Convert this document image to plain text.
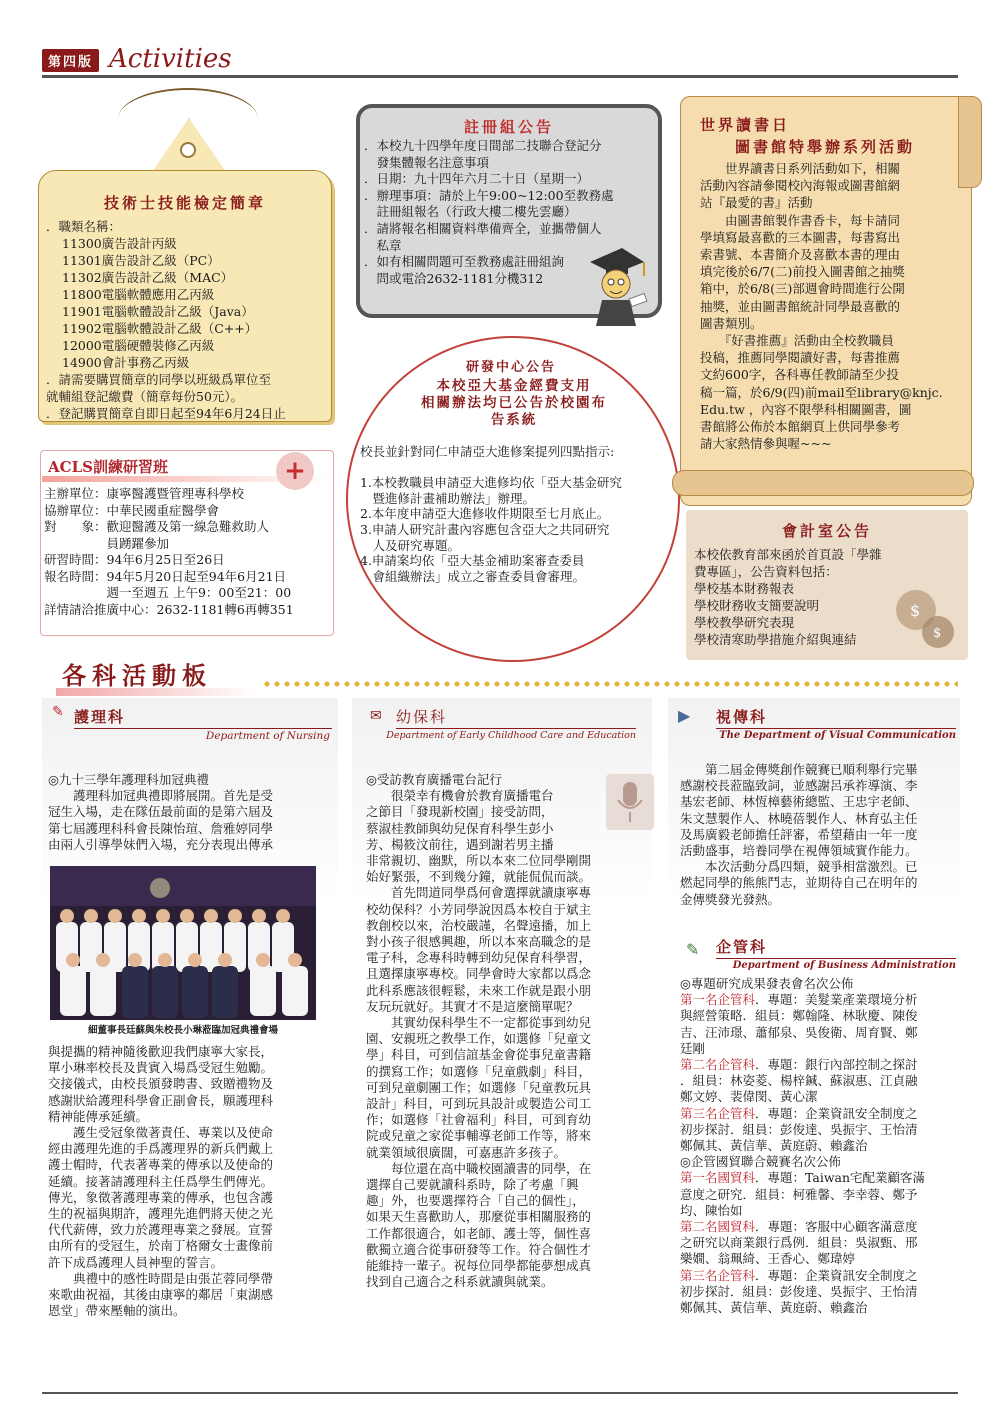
第四版 Activities
技術士技能檢定簡章
．職類名稱：
11300廣告設計丙級
11301廣告設計乙級（PC）
11302廣告設計乙級（MAC）
11800電腦軟體應用乙丙級
11901電腦軟體設計乙級（Java）
11902電腦軟體設計乙級（C++）
12000電腦硬體裝修乙丙級
14900會計事務乙丙級
．請需要購買簡章的同學以班級爲單位至
就輔組登記繳費（簡章每份50元）。
．登記購買簡章自即日起至94年6月24日止
ACLS訓練研習班	+
主辦單位：康寧醫護暨管理專科學校
協辦單位：中華民國重症醫學會
對　　象：歡迎醫護及第一線急難救助人
　　　　　員踴躍參加
研習時間：94年6月25日至26日
報名時間：94年5月20日起至94年6月21日
　　　　　週一至週五 上午9：00至21：00
詳情請洽推廣中心：2632-1181轉6再轉351
註冊組公告
．本校九十四學年度日間部二技聯合登記分
　發集體報名注意事項
．日期：九十四年六月二十日（星期一）
．辦理事項：請於上午9:00~12:00至教務處
　註冊組報名（行政大樓二樓先雲廳）
．請將報名相關資料準備齊全，並攜帶個人
　私章
．如有相關問題可至教務處註冊組詢
　問或電洽2632-1181分機312
研發中心公告
本校亞大基金經費支用
相關辦法均已公告於校園布
告系統
校長並針對同仁申請亞大進修案提列四點指示:

1.本校教職員申請亞大進修均依「亞大基金研究
　暨進修計畫補助辦法」辦理。
2.本年度申請亞大進修收件期限至七月底止。
3.申請人研究計畫內容應包含亞大之共同研究
　人及研究專題。
4.申請案均依「亞大基金補助案審查委員
　會組織辦法」成立之審查委員會審理。
世界讀書日
圖書館特舉辦系列活動
　　世界讀書日系列活動如下，相關
活動內容請參閱校內海報或圖書館網
站『最愛的書』活動
　　由圖書館製作書香卡，每卡請同
學填寫最喜歡的三本圖書，每書寫出
索書號、本書簡介及喜歡本書的理由
填完後於6/7(二)前投入圖書館之抽獎
箱中，於6/8(三)部週會時間進行公開
抽獎，並由圖書館統計同學最喜歡的
圖書類別。
　　『好書推薦』活動由全校教職員
投稿，推薦同學閱讀好書，每書推薦
文約600字，各科專任教師請至少投
稿一篇，於6/9(四)前mail至library@knjc.
Edu.tw ，內容不限學科相關圖書，圖
書館將公佈於本館網頁上供同學參考
請大家熱情參與喔~~~
會計室公告
本校依教育部來函於首頁設「學雜
費專區」，公告資料包括：
學校基本財務報表
學校財務收支簡要說明
學校教學研究表現
學校清寒助學措施介紹與連結
$
$
各科活動板
✎ 護理科
Department of Nursing
◎九十三學年護理科加冠典禮
　　護理科加冠典禮即將展開。首先是受
冠生入場，走在隊伍最前面的是第六屆及
第七屆護理科科會長陳怡瑄、詹雅婷同學
由兩人引導學妹們入場，充分表現出傳承
細董事長廷蘇與朱校長小琳蒞臨加冠典禮會場
與提攜的精神隨後歡迎我們康寧大家長，
單小琳率校長及貴賓入場爲受冠生勉勵。
交接儀式，由校長頒發聘書、致贈禮物及
感謝狀給護理科學會正副會長，願護理科
精神能傳承延續。
　　護生受冠象徵著責任、專業以及使命
經由護理先進的手爲護理界的新兵們戴上
護士帽時，代表著專業的傳承以及使命的
延續。接著請護理科主任爲學生們傳光。
傳光，象徵著護理專業的傳承，也包含護
生的祝福與期許，護理先進們將天使之光
代代薪傳，致力於護理專業之發展。宣誓
由所有的受冠生，於南丁格爾女士畫像前
許下成爲護理人員神聖的誓言。
　　典禮中的感性時間是由張芷蓉同學帶
來歌曲祝福，其後由康寧的鄰居「東湖感
恩堂」帶來壓軸的演出。
✉ 幼保科
Department of Early Childhood Care and Education
◎受訪教育廣播電台記行
　　很榮幸有機會於教育廣播電台
之節目「發現新校園」接受訪問，
蔡淑桂教師與幼兒保育科學生彭小
芳、楊筱汶前往，遇到謝若男主播
非常親切、幽默，所以本來二位同學剛開
始好緊張，不到幾分鐘，就能侃侃而談。
　　首先問道同學爲何會選擇就讀康寧專
校幼保科？小芳同學說因爲本校自于斌主
教創校以來，治校嚴謹，名聲遠播，加上
對小孩子很感興趣，所以本來高職念的是
電子科，念專科時轉到幼兒保育科學習，
且選擇康寧專校。同學會時大家都以爲念
此科系應該很輕鬆，未來工作就是跟小朋
友玩玩就好。其實才不是這麼簡單呢？
　　其實幼保科學生不一定都從事到幼兒
園、安親班之教學工作，如選修「兒童文
學」科目，可到信誼基金會從事兒童書籍
的撰寫工作；如選修「兒童戲劇」科目，
可到兒童劇團工作；如選修「兒童教玩具
設計」科目，可到玩具設計或製造公司工
作；如選修「社會福利」科目，可到育幼
院或兒童之家從事輔導老師工作等，將來
就業領域很廣闊，可嘉惠許多孩子。
　　每位還在高中職校園讀書的同學，在
選擇自己要就讀科系時，除了考慮「興
趣」外，也要選擇符合「自己的個性」，
如果天生喜歡助人，那麼從事相關服務的
工作都很適合，如老師、護士等，個性喜
歡獨立適合從事研發等工作。符合個性才
能維持一輩子。祝每位同學都能夢想成真
找到自己適合之科系就讀與就業。
▶ 視傳科
The Department of Visual Communication
　　第二屆金傳獎創作競賽已順利舉行完畢
感謝校長蒞臨致詞，並感謝呂承祚導演、李
基宏老師、林恆樟藝術總監、王忠宇老師、
朱文慧製作人、林曉蓓製作人、林育弘主任
及馬廣毅老師擔任評審，希望藉由一年一度
活動盛事，培養同學在視傳領域實作能力。
　　本次活動分爲四類，競爭相當激烈。已
燃起同學的熊熊鬥志，並期待自己在明年的
金傳獎發光發熱。
✎ 企管科
Department of Business Administration
◎專題研究成果發表會名次公佈
第一名企管科．專題：美髮業產業環境分析
與經營策略．組員：鄭翰隆、林耿慶、陳俊
吉、汪沛璟、蕭郁泉、吳俊衛、周育賢、鄭
廷剛
第二名企管科．專題：銀行內部控制之探討
．組員：林姿菱、楊梓鍼、蘇淑惠、江貞融
鄭文婷、裴偉閔、黃心潔
第三名企管科．專題：企業資訊安全制度之
初步探討．組員：彭俊達、吳振宇、王怡清
鄭佩其、黃信華、黃庭蔚、賴鑫治
◎企管國貿聯合競賽名次公佈
第一名國貿科．專題：Taiwan宅配業顧客滿
意度之研究．組員：柯雅馨、李幸蓉、鄭予
均、陳怡如
第二名國貿科．專題：客服中心顧客滿意度
之研究以商業銀行爲例．組員：吳淑甄、邢
樂嫺、翁珮綺、王香心、鄭瑋婷
第三名企管科．專題：企業資訊安全制度之
初步探討．組員：彭俊達、吳振宇、王怡清
鄭佩其、黃信華、黃庭蔚、賴鑫治
